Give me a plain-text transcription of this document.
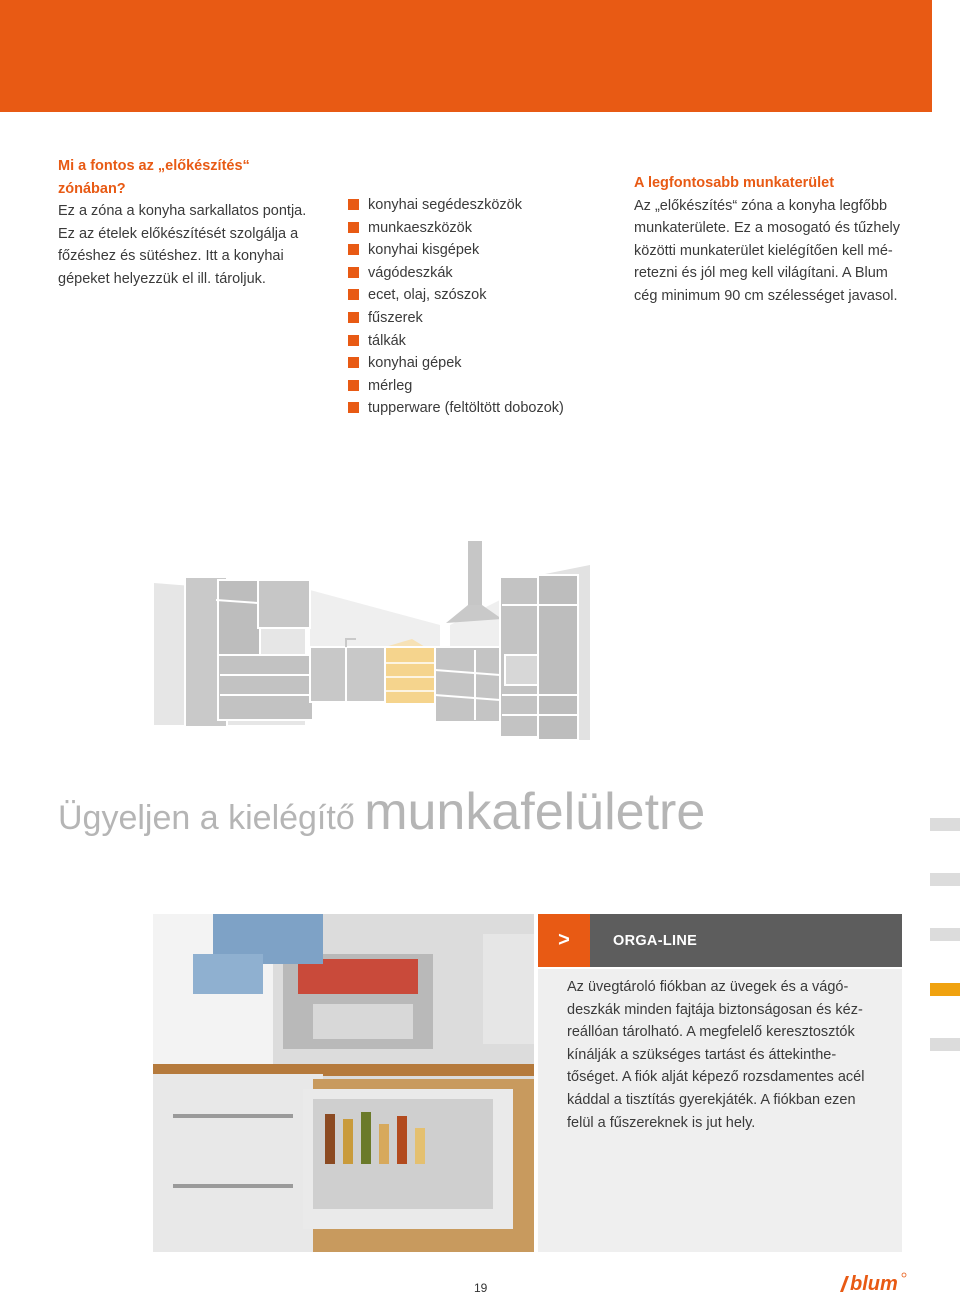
Mi a fontos az „előkészítés“

zónában?

Ez a zóna a konyha sarkallatos pontja.

Ez az ételek előkészítését szolgálja a

főzéshez és sütéshez. Itt a konyhai

gépeket helyezzük el ill. tároljuk.

konyhai segédeszközök
munkaeszközök
konyhai kisgépek
vágódeszkák
ecet, olaj, szószok
fűszerek
tálkák
konyhai gépek
mérleg
tupperware (feltöltött dobozok)

A legfontosabb munkaterület

Az „előkészítés“ zóna a konyha legfőbb

munkaterülete. Ez a mosogató és tűzhely

közötti munkaterület kielégítően kell mé-

retezni és jól meg kell világítani. A Blum

cég minimum 90 cm szélességet javasol.

Ügyeljen a kielégítő munkafelületre
>	ORGA-LINE

Az üvegtároló fiókban az üvegek és a vágó-
deszkák minden fajtája biztonságosan és kéz-
reállóan tárolható. A megfelelő keresztosztók
kínálják a szükséges tartást és áttekinthe-
tőséget. A fiók alját képező rozsdamentes acél
káddal a tisztítás gyerekjáték. A fiókban ezen
felül a fűszereknek is jut hely.

19	blum
